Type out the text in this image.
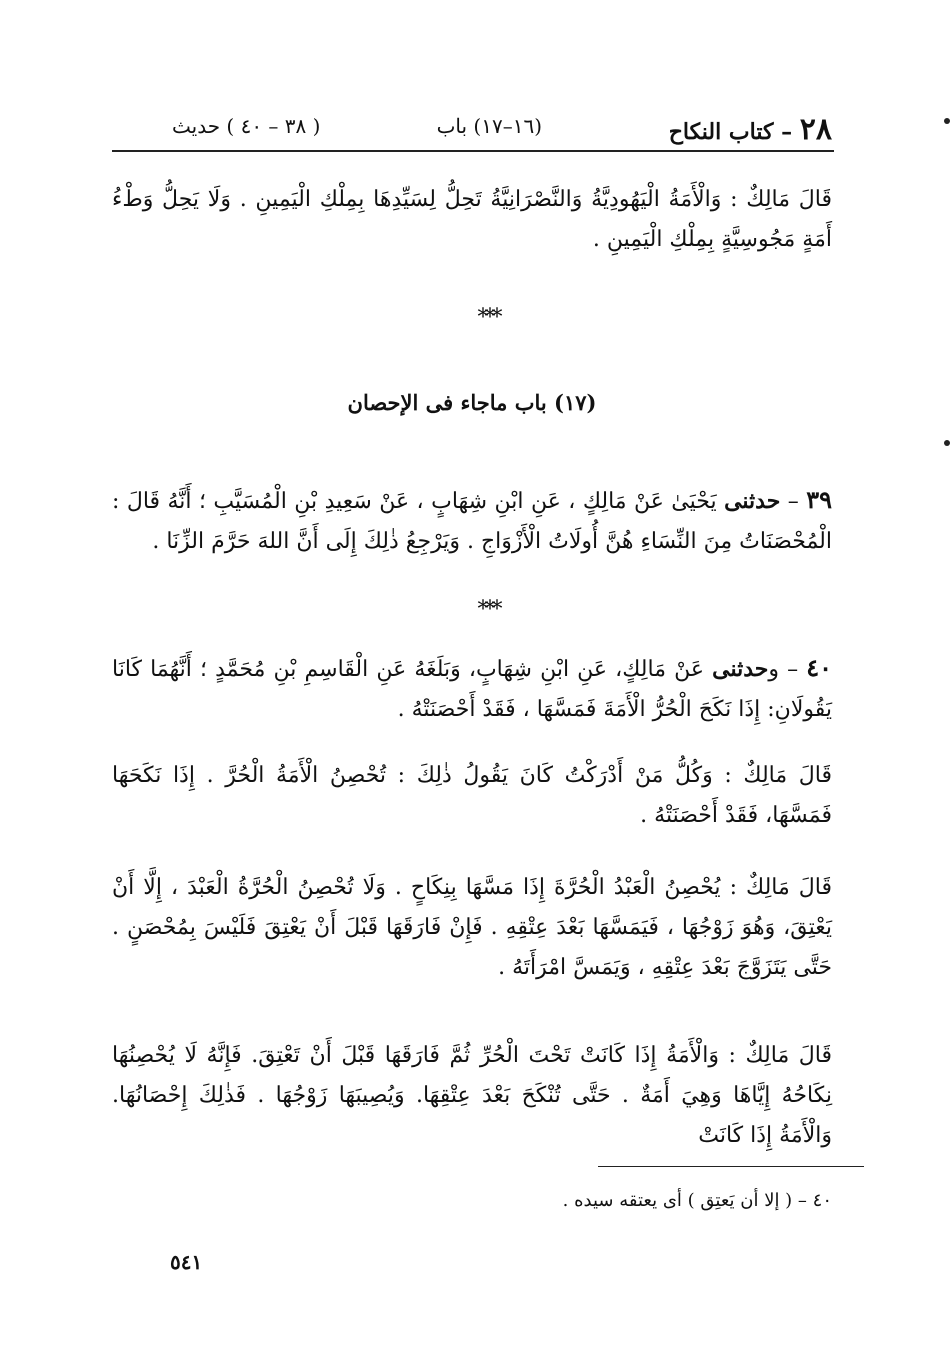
٢٨ – كتاب النكاح
(١٦–١٧) باب
( ٣٨ – ٤٠ ) حديث
قَالَ مَالِكٌ : وَالْأَمَةُ الْيَهُودِيَّةُ وَالنَّصْرَانِيَّةُ تَحِلُّ لِسَيِّدِهَا بِمِلْكِ الْيَمِينِ . وَلَا يَحِلُّ وَطْءُ أَمَةٍ مَجُوسِيَّةٍ بِمِلْكِ الْيَمِينِ .
⁎⁎⁎
(١٧) باب ماجاء فى الإحصان
٣٩ – حدثنى يَحْيَىٰ عَنْ مَالِكٍ ، عَنِ ابْنِ شِهَابٍ ، عَنْ سَعِيدِ بْنِ الْمُسَيَّبِ ؛ أَنَّهُ قَالَ : الْمُحْصَنَاتُ مِنَ النِّسَاءِ هُنَّ أُولَاتُ الْأَزْوَاجِ . وَيَرْجِعُ ذٰلِكَ إِلَى أَنَّ اللهَ حَرَّمَ الزِّنَا .
⁎⁎⁎
٤٠ – وحدثنى عَنْ مَالِكٍ، عَنِ ابْنِ شِهَابٍ، وَبَلَغَهُ عَنِ الْقَاسِمِ بْنِ مُحَمَّدٍ ؛ أَنَّهُمَا كَانَا يَقُولَانِ: إِذَا نَكَحَ الْحُرُّ الْأَمَةَ فَمَسَّهَا ، فَقَدْ أَحْصَنَتْهُ .
قَالَ مَالِكٌ : وَكُلُّ مَنْ أَدْرَكْتُ كَانَ يَقُولُ ذٰلِكَ : تُحْصِنُ الْأَمَةُ الْحُرَّ . إِذَا نَكَحَهَا فَمَسَّهَا، فَقَدْ أَحْصَنَتْهُ .
قَالَ مَالِكٌ : يُحْصِنُ الْعَبْدُ الْحُرَّةَ إِذَا مَسَّهَا بِنِكَاحٍ . وَلَا تُحْصِنُ الْحُرَّةُ الْعَبْدَ ، إِلَّا أَنْ يَعْتِقَ، وَهُوَ زَوْجُهَا ، فَيَمَسَّهَا بَعْدَ عِتْقِهِ . فَإِنْ فَارَقَهَا قَبْلَ أَنْ يَعْتِقَ فَلَيْسَ بِمُحْصَنٍ . حَتَّى يَتَزَوَّجَ بَعْدَ عِتْقِهِ ، وَيَمَسَّ امْرَأَتَهُ .
قَالَ مَالِكٌ : وَالْأَمَةُ إِذَا كَانَتْ تَحْتَ الْحُرِّ ثُمَّ فَارَقَهَا قَبْلَ أَنْ تَعْتِقَ. فَإِنَّهُ لَا يُحْصِنُهَا نِكَاحُهُ إِيَّاهَا وَهِيَ أَمَةٌ . حَتَّى تُنْكَحَ بَعْدَ عِتْقِهَا. وَيُصِيبَهَا زَوْجُهَا . فَذٰلِكَ إِحْصَانُهَا. وَالْأَمَةُ إِذَا كَانَتْ
٤٠ – ( إلا أن يَعتِق ) أى يعتقه سيده .
٥٤١
